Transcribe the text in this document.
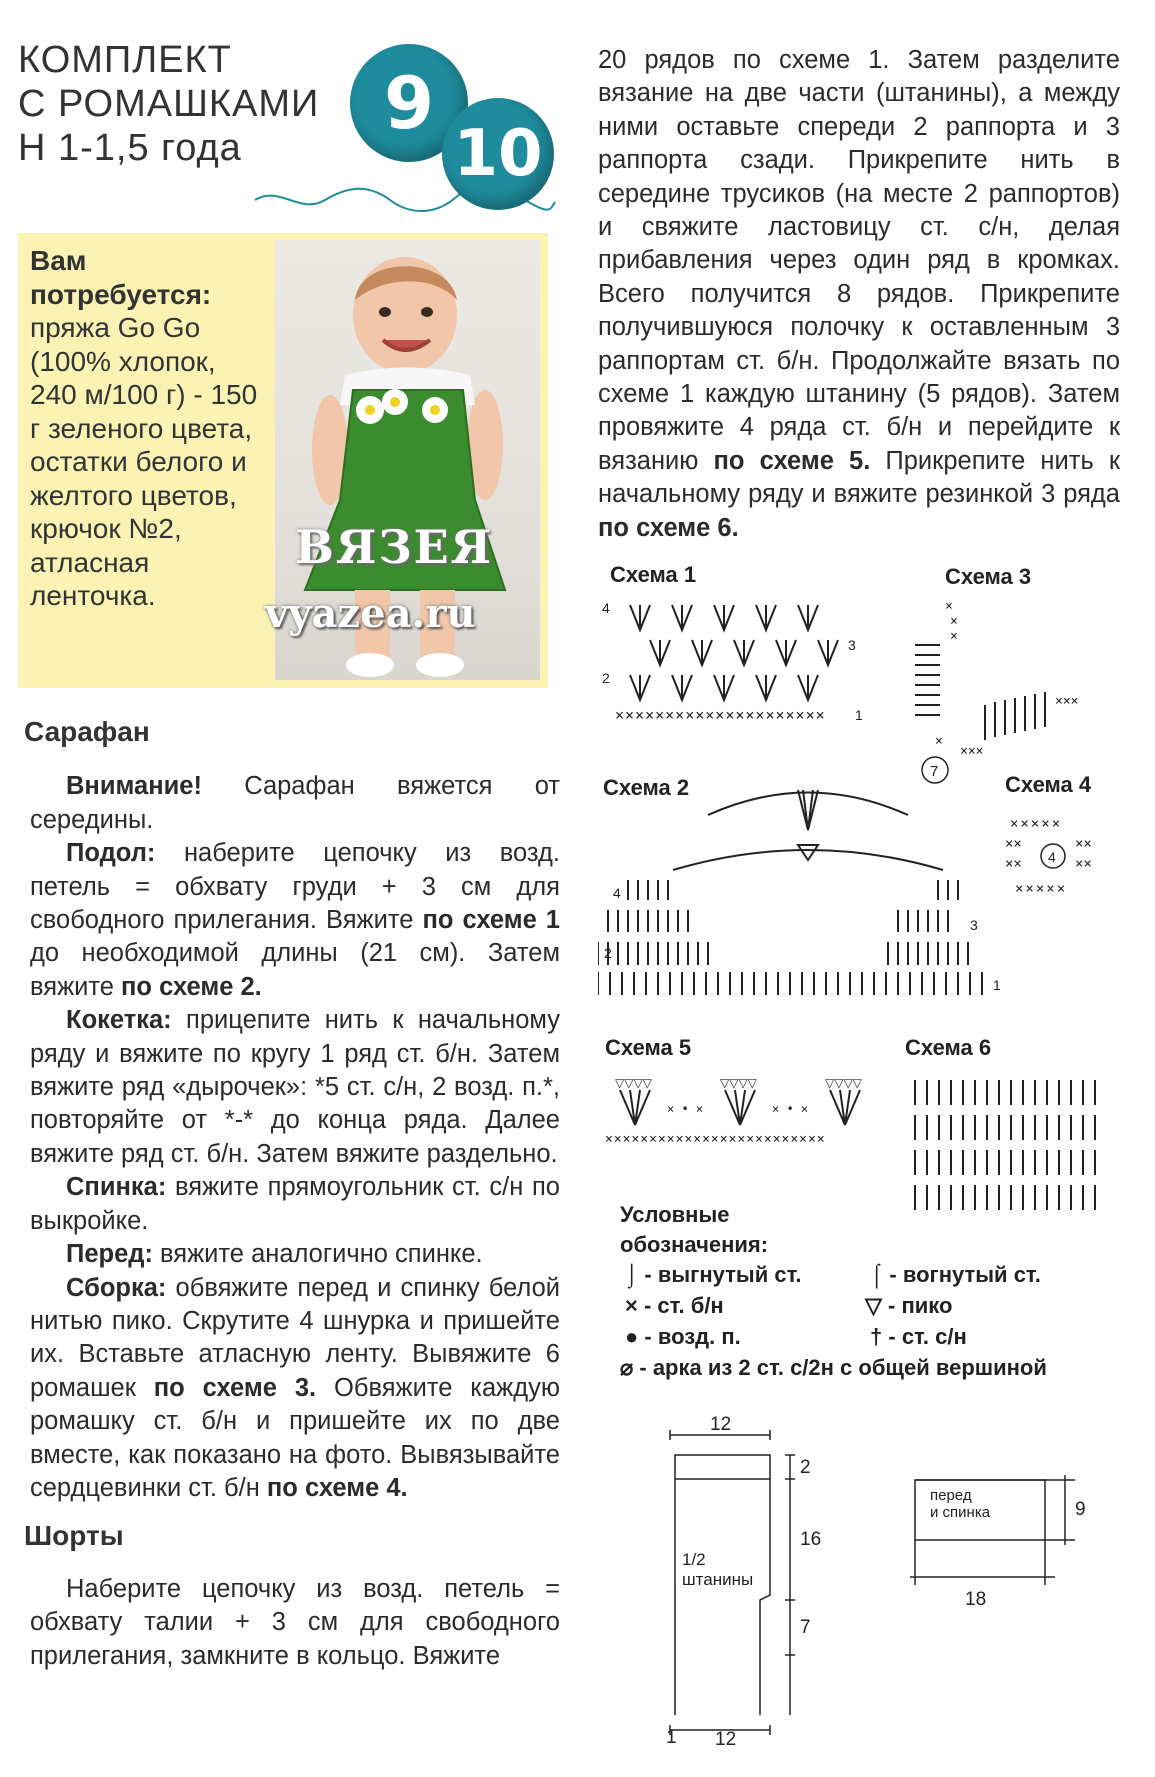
КОМПЛЕКТ
С РОМАШКАМИ
Н 1-1,5 года
9
10
Вам потребуется:
пряжа Go Go (100% хлопок, 240 м/100 г) - 150 г зеленого цвета, остатки белого и желтого цветов, крючок №2, атласная ленточка.
ВЯЗЕЯ
vyazea.ru
Сарафан

Внимание! Сарафан вяжется от середины.

Подол: наберите цепочку из возд. петель = обхвату груди + 3 см для свободного прилегания. Вяжите по схеме 1 до необходимой длины (21 см). Затем вяжите по схеме 2.

Кокетка: прицепите нить к начальному ряду и вяжите по кругу 1 ряд ст. б/н. Затем вяжите ряд «дырочек»: *5 ст. с/н, 2 возд. п.*, повторяйте от *-* до конца ряда. Далее вяжите ряд ст. б/н. Затем вяжите раздельно.

Спинка: вяжите прямоугольник ст. с/н по выкройке.

Перед: вяжите аналогично спинке.

Сборка: обвяжите перед и спинку белой нитью пико. Скрутите 4 шнурка и пришейте их. Вставьте атласную ленту. Вывяжите 6 ромашек по схеме 3. Обвяжите каждую ромашку ст. б/н и пришейте их по две вместе, как показано на фото. Вывязывайте сердцевинки ст. б/н по схеме 4.

Шорты

Наберите цепочку из возд. петель = обхвату талии + 3 см для свободного прилегания, замкните в кольцо. Вяжите

20 рядов по схеме 1. Затем разделите вязание на две части (штанины), а между ними оставьте спереди 2 раппорта и 3 раппорта сзади. Прикрепите нить в середине трусиков (на месте 2 раппортов) и свяжите ластовицу ст. с/н, делая прибавления через один ряд в кромках. Всего получится 8 рядов. Прикрепите получившуюся полочку к оставленным 3 раппортам ст. б/н. Продолжайте вязать по схеме 1 каждую штанину (5 рядов). Затем провяжите 4 ряда ст. б/н и перейдите к вязанию по схеме 5. Прикрепите нить к начальному ряду и вяжите резинкой 3 ряда по схеме 6.

Схема 1	Схема 3
Схема 2	Схема 4
Схема 5	Схема 6
×××××××××××××××××××××
4
3
2
1
×
×
×
×
×××
×××
7
4
3
2
1
×××××
××	××
××	××
×××××
4
▽▽▽▽	▽▽▽▽	▽▽▽▽
× • ×	× • ×
×××××××××××××××××××××××××
Условные
обозначения:
⌡ - выгнутый ст.	⌠ - вогнутый ст.
× - ст. б/н	▽ - пико
● - возд. п.	† - ст. с/н
⌀ - арка из 2 ст. с/2н с общей вершиной
12
2
16
7
1/2
штанины
1 12
перед
и спинка	9
18
